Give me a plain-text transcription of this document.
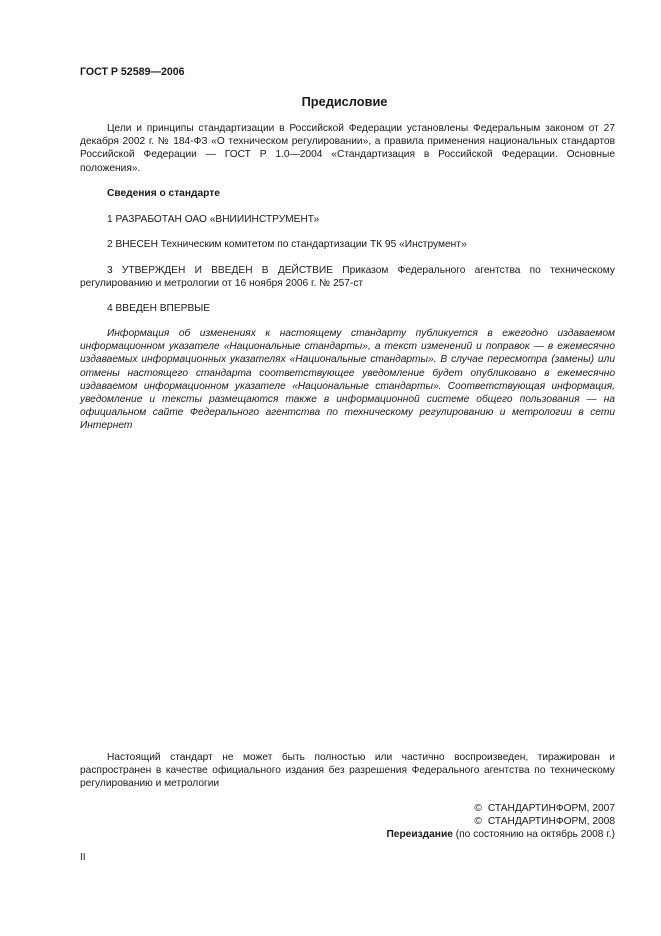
ГОСТ Р 52589—2006
Предисловие

Цели и принципы стандартизации в Российской Федерации установлены Федеральным законом от 27 декабря 2002 г. № 184-ФЗ «О техническом регулировании», а правила применения национальных стандартов Российской Федерации — ГОСТ Р 1.0—2004 «Стандартизация в Российской Федерации. Основные положения».

Сведения о стандарте
1 РАЗРАБОТАН ОАО «ВНИИИНСТРУМЕНТ»
2 ВНЕСЕН Техническим комитетом по стандартизации ТК 95 «Инструмент»
3 УТВЕРЖДЕН И ВВЕДЕН В ДЕЙСТВИЕ Приказом Федерального агентства по техническому регулированию и метрологии от 16 ноября 2006 г. № 257-ст
4 ВВЕДЕН ВПЕРВЫЕ

Информация об изменениях к настоящему стандарту публикуется в ежегодно издаваемом информационном указателе «Национальные стандарты», а текст изменений и поправок — в ежемесячно издаваемых информационных указателях «Национальные стандарты». В случае пересмотра (замены) или отмены настоящего стандарта соответствующее уведомление будет опубликовано в ежемесячно издаваемом информационном указателе «Национальные стандарты». Соответствующая информация, уведомление и тексты размещаются также в информационной системе общего пользования — на официальном сайте Федерального агентства по техническому регулированию и метрологии в сети Интернет

Настоящий стандарт не может быть полностью или частично воспроизведен, тиражирован и распространен в качестве официального издания без разрешения Федерального агентства по техническому регулированию и метрологии

© СТАНДАРТИНФОРМ, 2007
© СТАНДАРТИНФОРМ, 2008
Переиздание (по состоянию на октябрь 2008 г.)
II
